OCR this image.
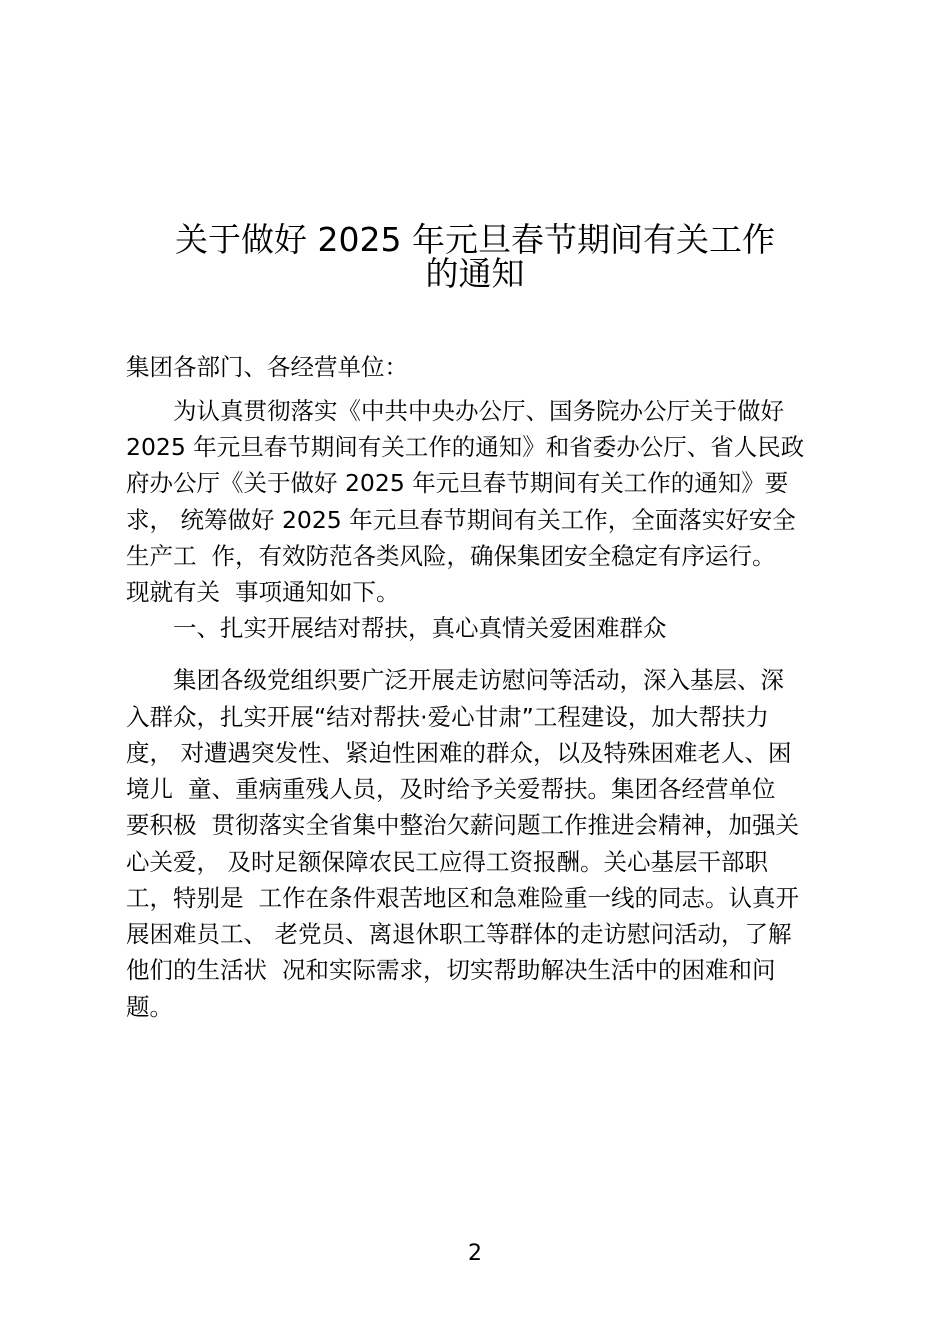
关于做好 2025 年元旦春节期间有关工作
的通知
集团各部门、各经营单位：
　　为认真贯彻落实《中共中央办公厅、国务院办公厅关于做好
2025 年元旦春节期间有关工作的通知》和省委办公厅、省人民政
府办公厅《关于做好 2025 年元旦春节期间有关工作的通知》要
求， 统筹做好 2025 年元旦春节期间有关工作，全面落实好安全
生产工  作，有效防范各类风险，确保集团安全稳定有序运行。
现就有关  事项通知如下。
　　一、扎实开展结对帮扶，真心真情关爱困难群众
　　集团各级党组织要广泛开展走访慰问等活动，深入基层、深
入群众，扎实开展“结对帮扶·爱心甘肃”工程建设，加大帮扶力
度， 对遭遇突发性、紧迫性困难的群众，以及特殊困难老人、困
境儿  童、重病重残人员，及时给予关爱帮扶。集团各经营单位
要积极  贯彻落实全省集中整治欠薪问题工作推进会精神，加强关
心关爱， 及时足额保障农民工应得工资报酬。关心基层干部职
工，特别是  工作在条件艰苦地区和急难险重一线的同志。认真开
展困难员工、 老党员、离退休职工等群体的走访慰问活动，了解
他们的生活状  况和实际需求，切实帮助解决生活中的困难和问
题。
2
